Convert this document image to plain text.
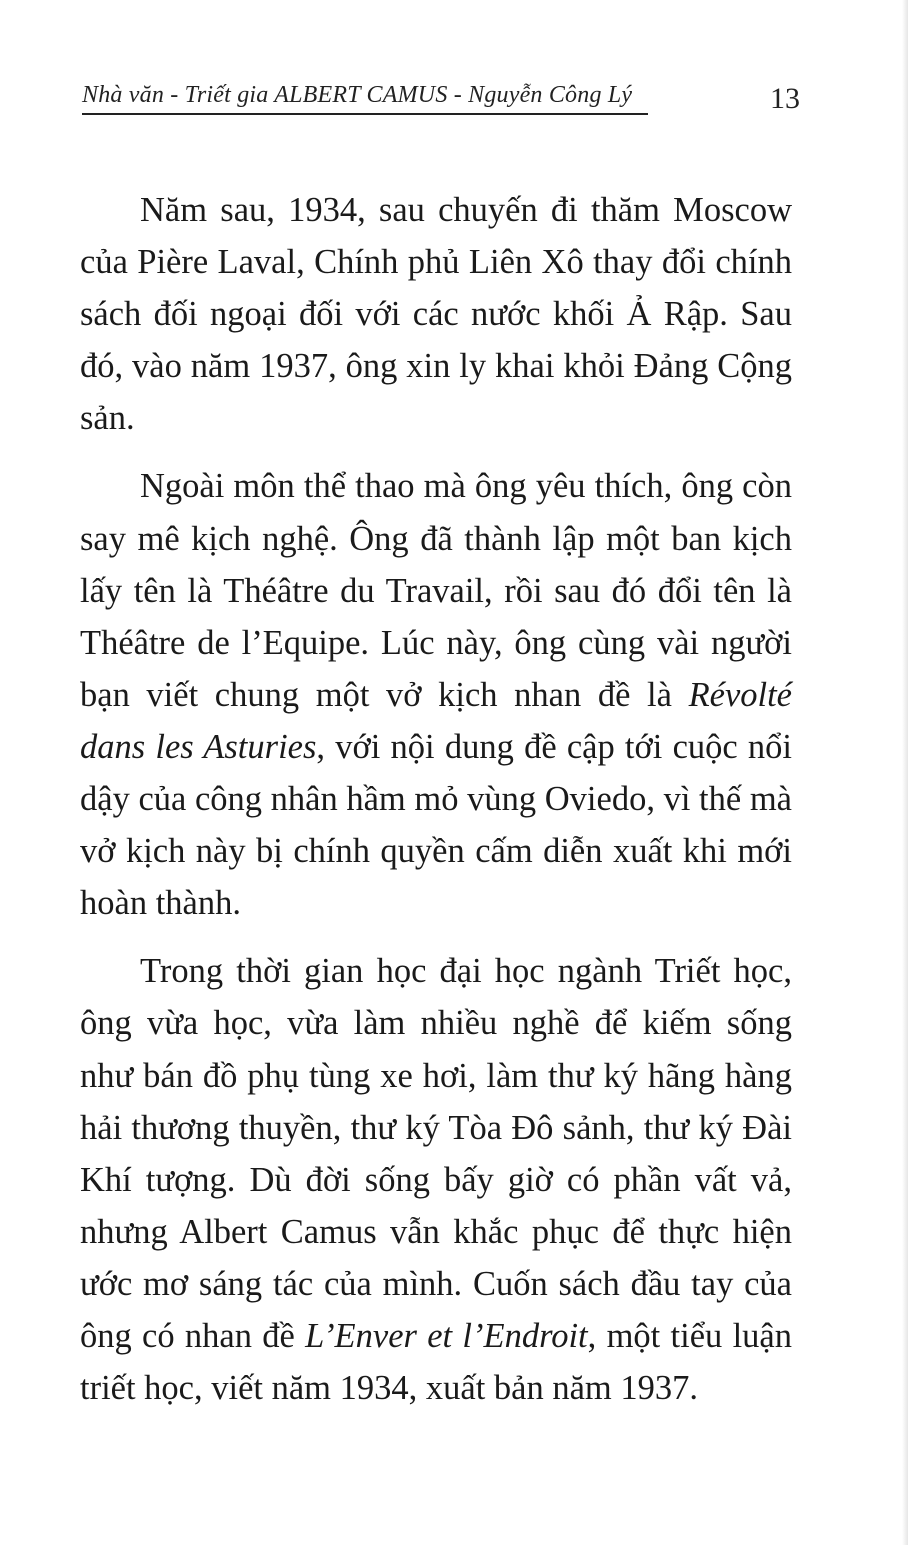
Nhà văn - Triết gia ALBERT CAMUS - Nguyễn Công Lý	13

Năm sau, 1934, sau chuyến đi thăm Moscow của Pière Laval, Chính phủ Liên Xô thay đổi chính sách đối ngoại đối với các nước khối Ả Rập. Sau đó, vào năm 1937, ông xin ly khai khỏi Đảng Cộng sản.

Ngoài môn thể thao mà ông yêu thích, ông còn say mê kịch nghệ. Ông đã thành lập một ban kịch lấy tên là Théâtre du Travail, rồi sau đó đổi tên là Théâtre de l’Equipe. Lúc này, ông cùng vài người bạn viết chung một vở kịch nhan đề là Révolté dans les Asturies, với nội dung đề cập tới cuộc nổi dậy của công nhân hầm mỏ vùng Oviedo, vì thế mà vở kịch này bị chính quyền cấm diễn xuất khi mới hoàn thành.

Trong thời gian học đại học ngành Triết học, ông vừa học, vừa làm nhiều nghề để kiếm sống như bán đồ phụ tùng xe hơi, làm thư ký hãng hàng hải thương thuyền, thư ký Tòa Đô sảnh, thư ký Đài Khí tượng. Dù đời sống bấy giờ có phần vất vả, nhưng Albert Camus vẫn khắc phục để thực hiện ước mơ sáng tác của mình. Cuốn sách đầu tay của ông có nhan đề L’Enver et l’Endroit, một tiểu luận triết học, viết năm 1934, xuất bản năm 1937.
